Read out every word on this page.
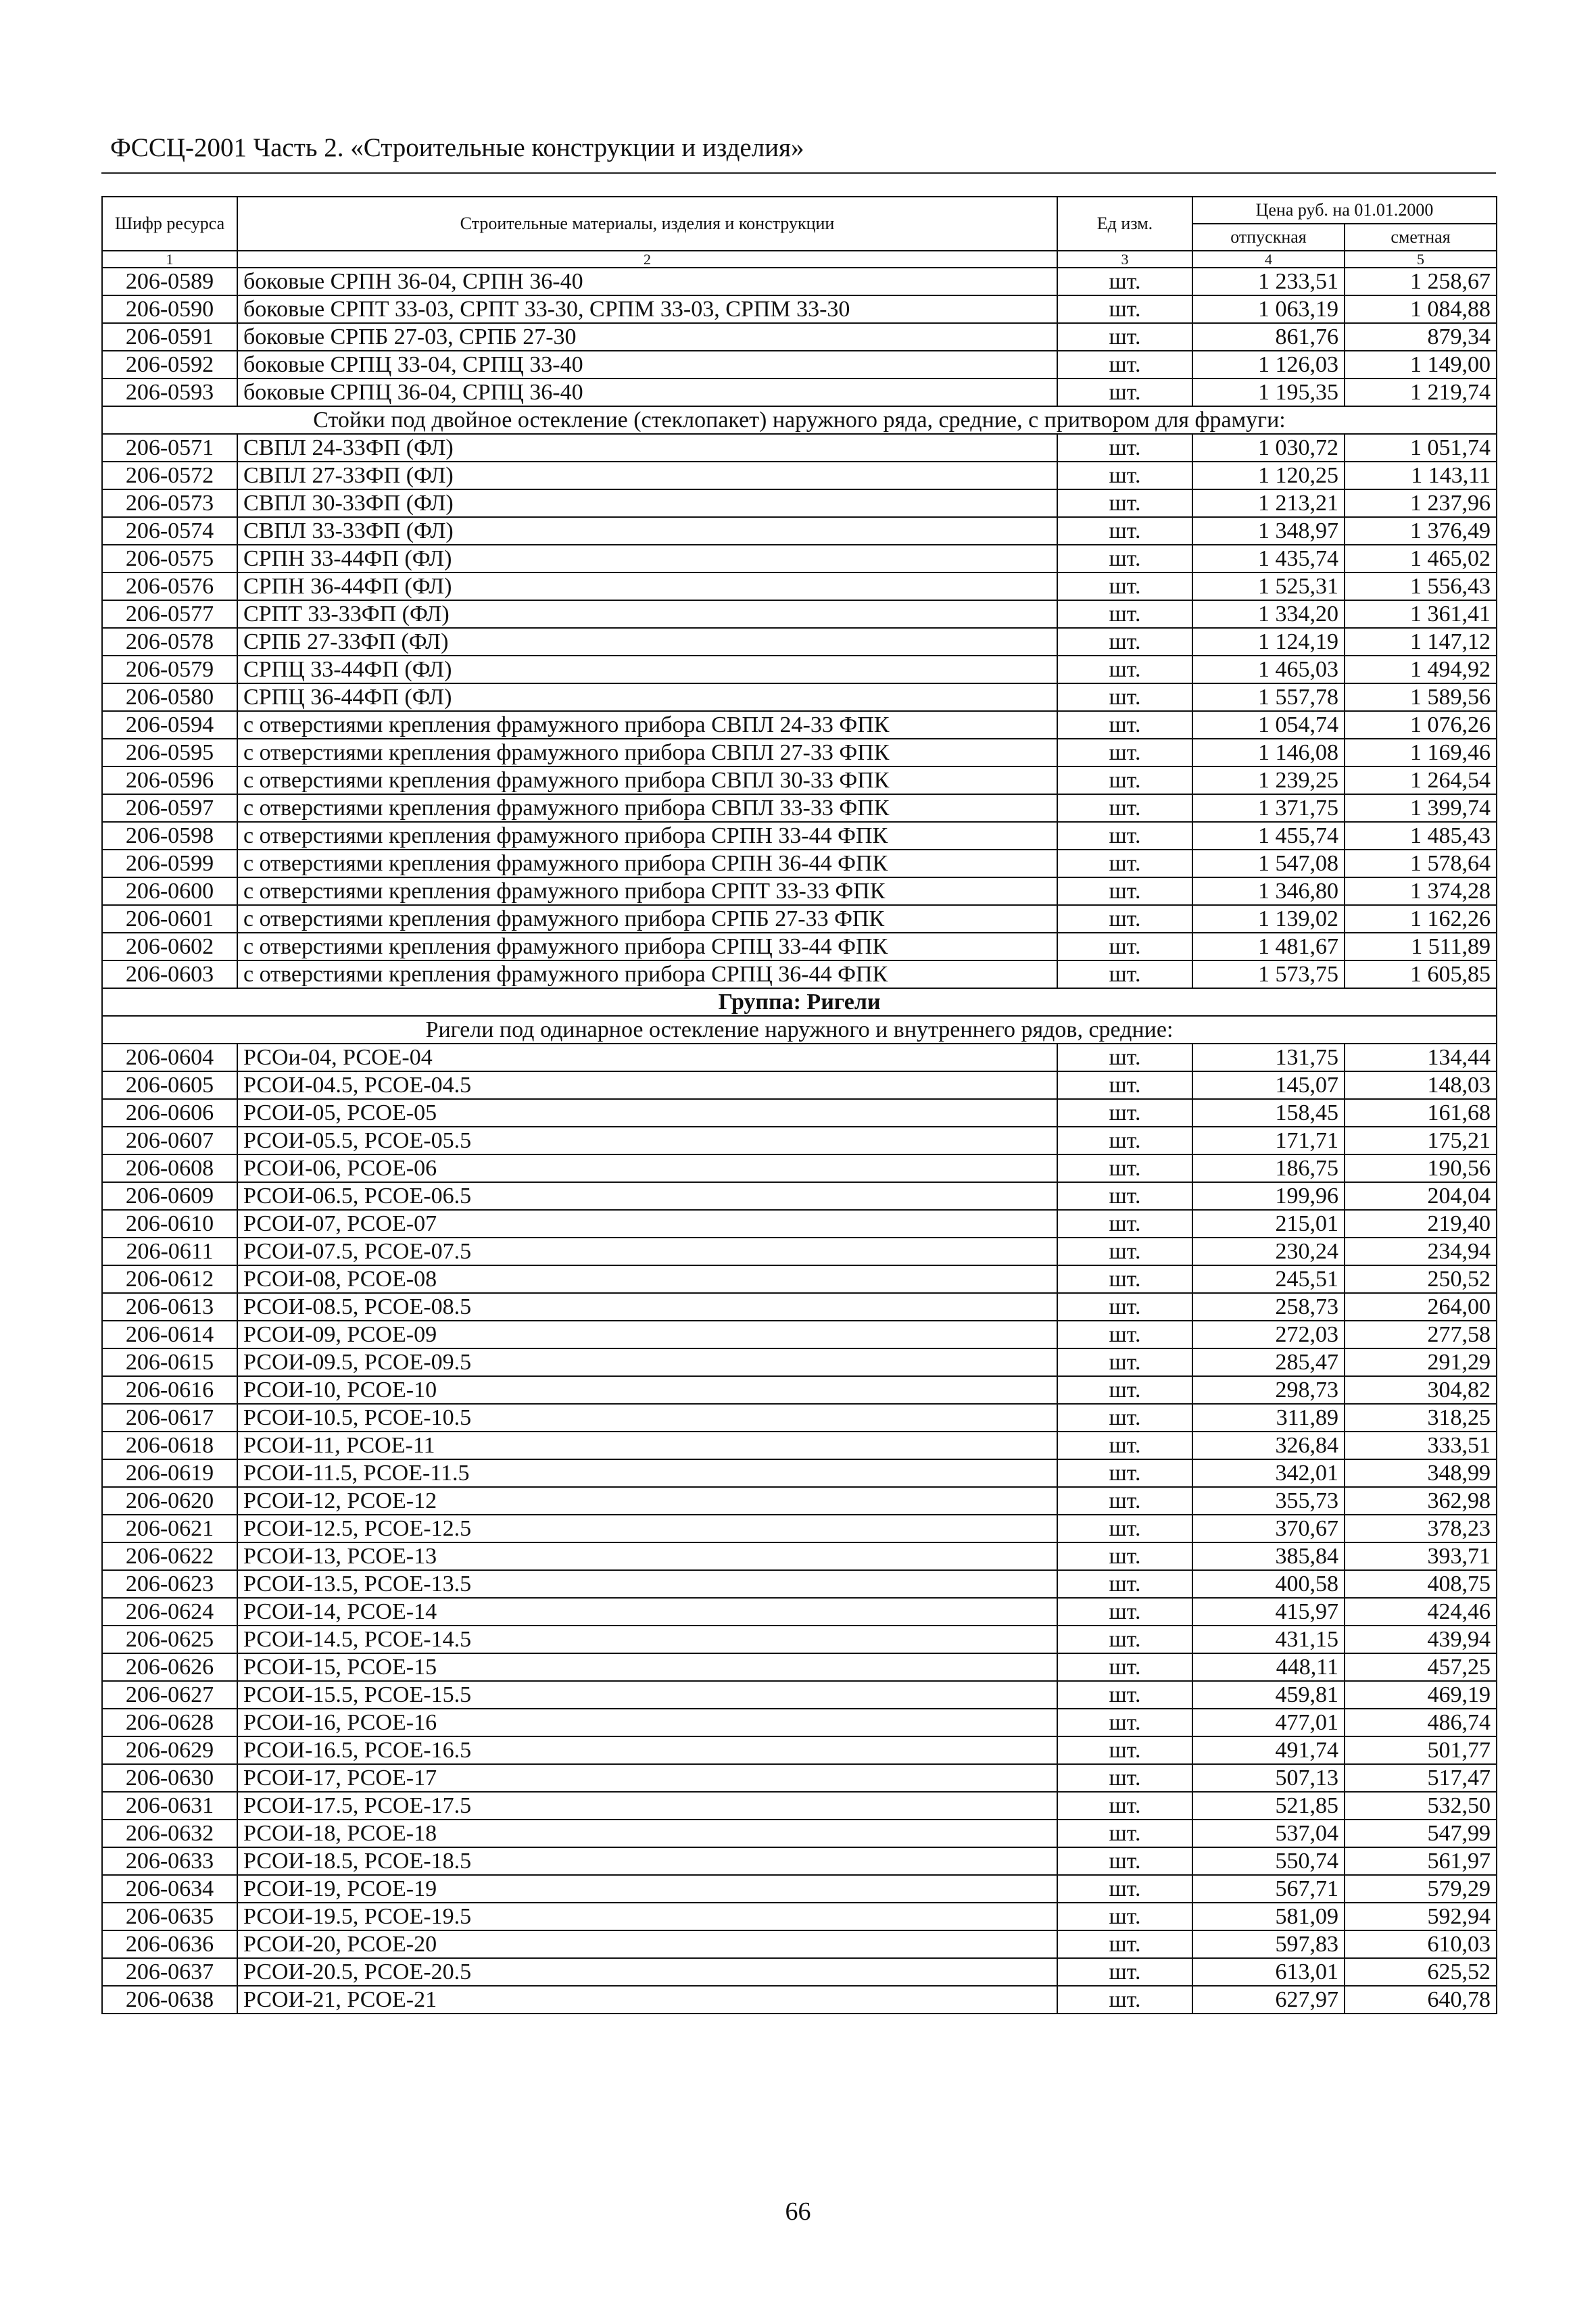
ФССЦ-2001 Часть 2. «Строительные конструкции и изделия»
Шифр ресурса	Строительные материалы, изделия и конструкции	Ед изм.	Цена руб. на 01.01.2000	
			отпускная	сметная
1	2	3	4	5
206-0589	боковые СРПН 36-04, СРПН 36-40	шт.	1 233,51	1 258,67
206-0590	боковые СРПТ 33-03, СРПТ 33-30, СРПМ 33-03, СРПМ 33-30	шт.	1 063,19	1 084,88
206-0591	боковые СРПБ 27-03, СРПБ 27-30	шт.	861,76	879,34
206-0592	боковые СРПЦ 33-04, СРПЦ 33-40	шт.	1 126,03	1 149,00
206-0593	боковые СРПЦ 36-04, СРПЦ 36-40	шт.	1 195,35	1 219,74
Стойки под двойное остекление (стеклопакет) наружного ряда, средние, с притвором для фрамуги:				
206-0571	СВПЛ 24-33ФП (ФЛ)	шт.	1 030,72	1 051,74
206-0572	СВПЛ 27-33ФП (ФЛ)	шт.	1 120,25	1 143,11
206-0573	СВПЛ 30-33ФП (ФЛ)	шт.	1 213,21	1 237,96
206-0574	СВПЛ 33-33ФП (ФЛ)	шт.	1 348,97	1 376,49
206-0575	СРПН 33-44ФП (ФЛ)	шт.	1 435,74	1 465,02
206-0576	СРПН 36-44ФП (ФЛ)	шт.	1 525,31	1 556,43
206-0577	СРПТ 33-33ФП (ФЛ)	шт.	1 334,20	1 361,41
206-0578	СРПБ 27-33ФП (ФЛ)	шт.	1 124,19	1 147,12
206-0579	СРПЦ 33-44ФП (ФЛ)	шт.	1 465,03	1 494,92
206-0580	СРПЦ 36-44ФП (ФЛ)	шт.	1 557,78	1 589,56
206-0594	с отверстиями крепления фрамужного прибора СВПЛ 24-33 ФПК	шт.	1 054,74	1 076,26
206-0595	с отверстиями крепления фрамужного прибора СВПЛ 27-33 ФПК	шт.	1 146,08	1 169,46
206-0596	с отверстиями крепления фрамужного прибора СВПЛ 30-33 ФПК	шт.	1 239,25	1 264,54
206-0597	с отверстиями крепления фрамужного прибора СВПЛ 33-33 ФПК	шт.	1 371,75	1 399,74
206-0598	с отверстиями крепления фрамужного прибора СРПН 33-44 ФПК	шт.	1 455,74	1 485,43
206-0599	с отверстиями крепления фрамужного прибора СРПН 36-44 ФПК	шт.	1 547,08	1 578,64
206-0600	с отверстиями крепления фрамужного прибора СРПТ 33-33 ФПК	шт.	1 346,80	1 374,28
206-0601	с отверстиями крепления фрамужного прибора СРПБ 27-33 ФПК	шт.	1 139,02	1 162,26
206-0602	с отверстиями крепления фрамужного прибора СРПЦ 33-44 ФПК	шт.	1 481,67	1 511,89
206-0603	с отверстиями крепления фрамужного прибора СРПЦ 36-44 ФПК	шт.	1 573,75	1 605,85
Группа: Ригели				
Ригели под одинарное остекление наружного и внутреннего рядов, средние:				
206-0604	РСОи-04, РСОЕ-04	шт.	131,75	134,44
206-0605	РСОИ-04.5, РСОЕ-04.5	шт.	145,07	148,03
206-0606	РСОИ-05, РСОЕ-05	шт.	158,45	161,68
206-0607	РСОИ-05.5, РСОЕ-05.5	шт.	171,71	175,21
206-0608	РСОИ-06, РСОЕ-06	шт.	186,75	190,56
206-0609	РСОИ-06.5, РСОЕ-06.5	шт.	199,96	204,04
206-0610	РСОИ-07, РСОЕ-07	шт.	215,01	219,40
206-0611	РСОИ-07.5, РСОЕ-07.5	шт.	230,24	234,94
206-0612	РСОИ-08, РСОЕ-08	шт.	245,51	250,52
206-0613	РСОИ-08.5, РСОЕ-08.5	шт.	258,73	264,00
206-0614	РСОИ-09, РСОЕ-09	шт.	272,03	277,58
206-0615	РСОИ-09.5, РСОЕ-09.5	шт.	285,47	291,29
206-0616	РСОИ-10, РСОЕ-10	шт.	298,73	304,82
206-0617	РСОИ-10.5, РСОЕ-10.5	шт.	311,89	318,25
206-0618	РСОИ-11, РСОЕ-11	шт.	326,84	333,51
206-0619	РСОИ-11.5, РСОЕ-11.5	шт.	342,01	348,99
206-0620	РСОИ-12, РСОЕ-12	шт.	355,73	362,98
206-0621	РСОИ-12.5, РСОЕ-12.5	шт.	370,67	378,23
206-0622	РСОИ-13, РСОЕ-13	шт.	385,84	393,71
206-0623	РСОИ-13.5, РСОЕ-13.5	шт.	400,58	408,75
206-0624	РСОИ-14, РСОЕ-14	шт.	415,97	424,46
206-0625	РСОИ-14.5, РСОЕ-14.5	шт.	431,15	439,94
206-0626	РСОИ-15, РСОЕ-15	шт.	448,11	457,25
206-0627	РСОИ-15.5, РСОЕ-15.5	шт.	459,81	469,19
206-0628	РСОИ-16, РСОЕ-16	шт.	477,01	486,74
206-0629	РСОИ-16.5, РСОЕ-16.5	шт.	491,74	501,77
206-0630	РСОИ-17, РСОЕ-17	шт.	507,13	517,47
206-0631	РСОИ-17.5, РСОЕ-17.5	шт.	521,85	532,50
206-0632	РСОИ-18, РСОЕ-18	шт.	537,04	547,99
206-0633	РСОИ-18.5, РСОЕ-18.5	шт.	550,74	561,97
206-0634	РСОИ-19, РСОЕ-19	шт.	567,71	579,29
206-0635	РСОИ-19.5, РСОЕ-19.5	шт.	581,09	592,94
206-0636	РСОИ-20, РСОЕ-20	шт.	597,83	610,03
206-0637	РСОИ-20.5, РСОЕ-20.5	шт.	613,01	625,52
206-0638	РСОИ-21, РСОЕ-21	шт.	627,97	640,78
66
